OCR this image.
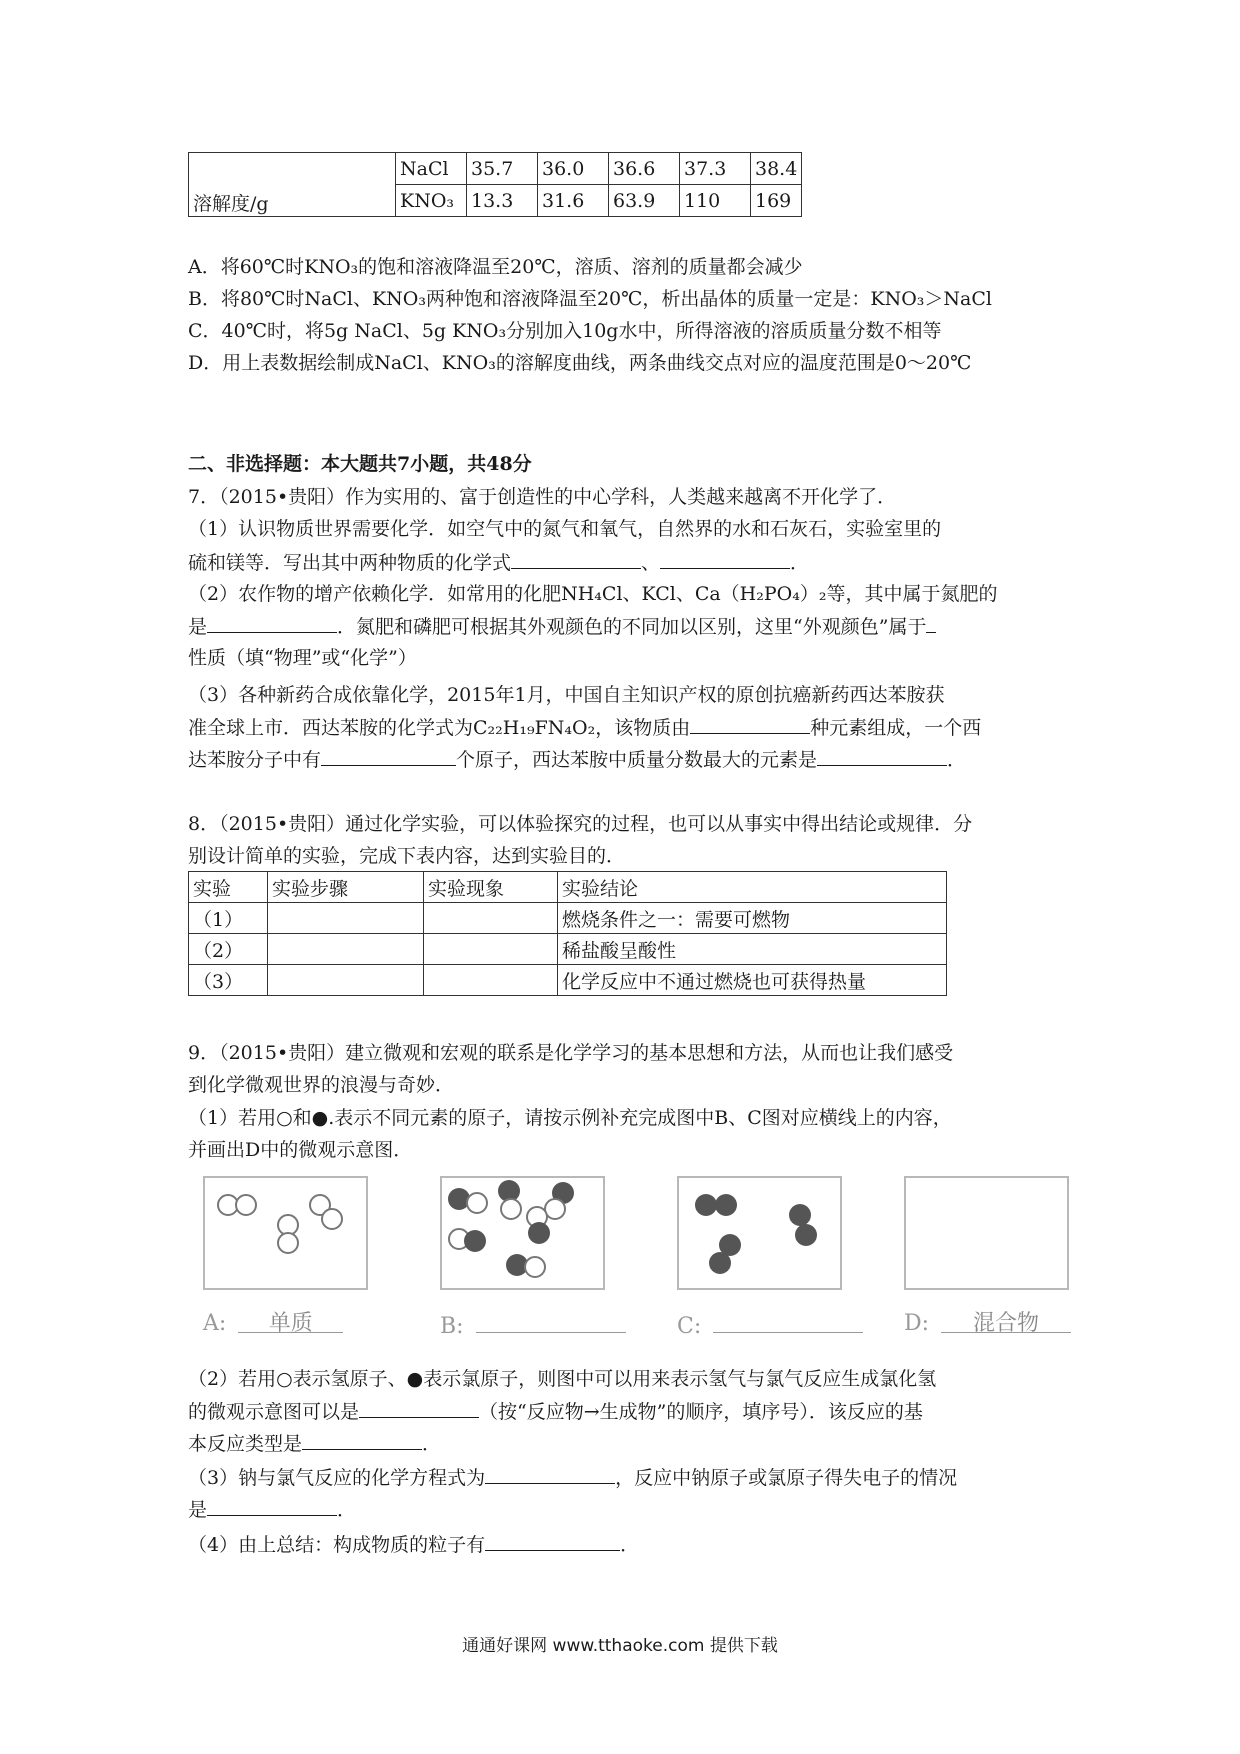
溶解度/g	NaCl	35.7	36.0	36.6	37.3	38.4
	KNO₃	13.3	31.6	63.9	110	169
A．将60℃时KNO₃的饱和溶液降温至20℃，溶质、溶剂的质量都会减少
B．将80℃时NaCl、KNO₃两种饱和溶液降温至20℃，析出晶体的质量一定是：KNO₃＞NaCl
C．40℃时，将5g NaCl、5g KNO₃分别加入10g水中，所得溶液的溶质质量分数不相等
D．用上表数据绘制成NaCl、KNO₃的溶解度曲线，两条曲线交点对应的温度范围是0～20℃
二、非选择题：本大题共7小题，共48分
7．（2015•贵阳）作为实用的、富于创造性的中心学科，人类越来越离不开化学了．
（1）认识物质世界需要化学．如空气中的氮气和氧气，自然界的水和石灰石，实验室里的
硫和镁等．写出其中两种物质的化学式	、	．
（2）农作物的增产依赖化学．如常用的化肥NH₄Cl、KCl、Ca（H₂PO₄）₂等，其中属于氮肥的
是	．氮肥和磷肥可根据其外观颜色的不同加以区别，这里“外观颜色”属于
性质（填“物理”或“化学”）
（3）各种新药合成依靠化学，2015年1月，中国自主知识产权的原创抗癌新药西达苯胺获
准全球上市．西达苯胺的化学式为C₂₂H₁₉FN₄O₂，该物质由	种元素组成，一个西
达苯胺分子中有	个原子，西达苯胺中质量分数最大的元素是	．
8．（2015•贵阳）通过化学实验，可以体验探究的过程，也可以从事实中得出结论或规律．分
别设计简单的实验，完成下表内容，达到实验目的．
实验	实验步骤	实验现象	实验结论
（1）			燃烧条件之一：需要可燃物
（2）			稀盐酸呈酸性
（3）			化学反应中不通过燃烧也可获得热量
9．（2015•贵阳）建立微观和宏观的联系是化学学习的基本思想和方法，从而也让我们感受
到化学微观世界的浪漫与奇妙．
（1）若用○和●.表示不同元素的原子，请按示例补充完成图中B、C图对应横线上的内容，
并画出D中的微观示意图．
A: 单质	B:	C:	D: 混合物
（2）若用○表示氢原子、●表示氯原子，则图中可以用来表示氢气与氯气反应生成氯化氢
的微观示意图可以是	（按“反应物→生成物”的顺序，填序号）．该反应的基
本反应类型是	．
（3）钠与氯气反应的化学方程式为	，反应中钠原子或氯原子得失电子的情况
是	．
（4）由上总结：构成物质的粒子有	．
通通好课网 www.tthaoke.com 提供下载
